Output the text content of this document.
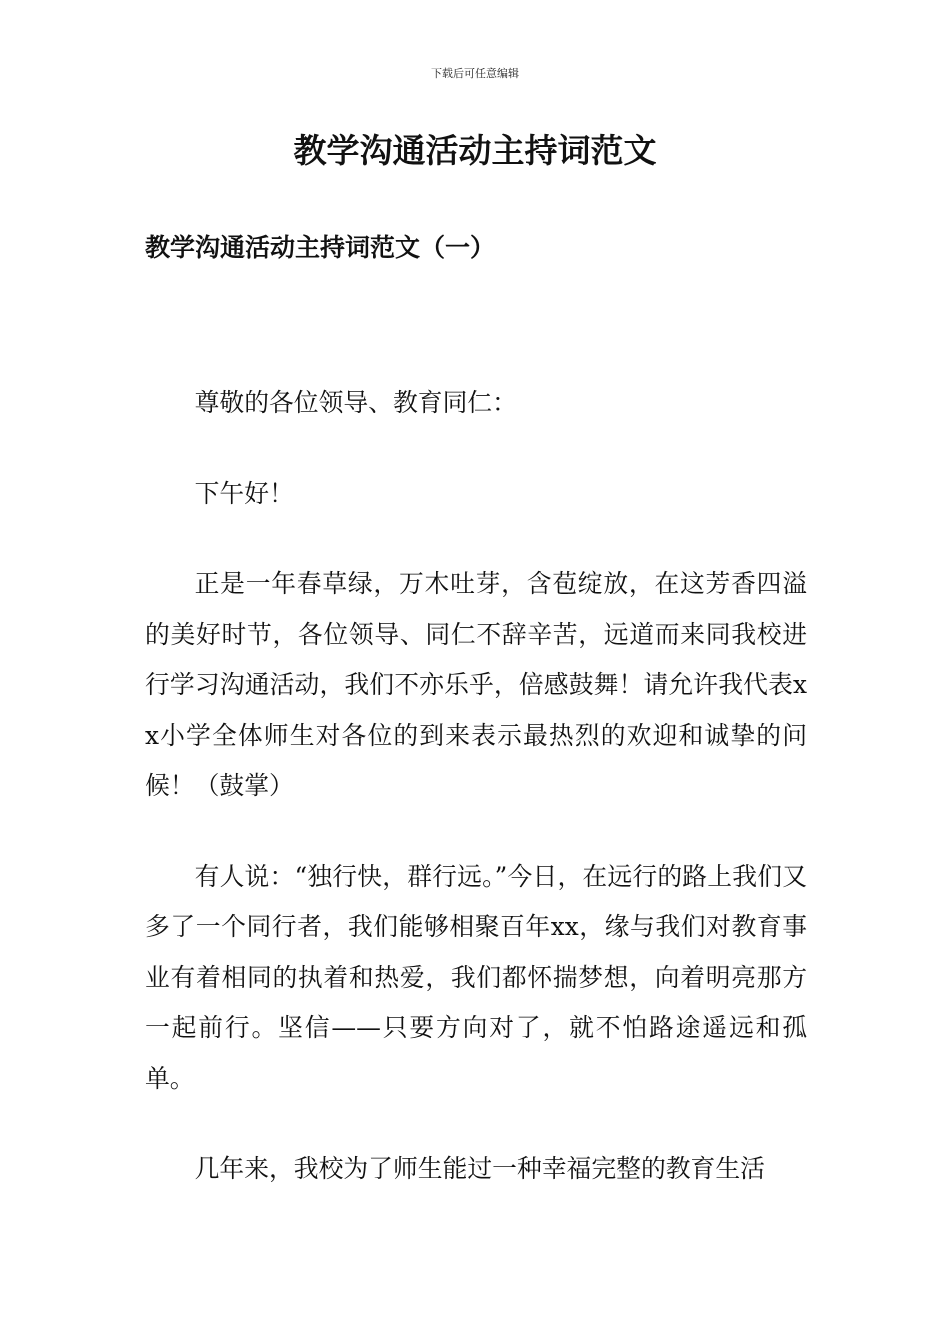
下载后可任意编辑
教学沟通活动主持词范文
教学沟通活动主持词范文（一）

尊敬的各位领导、教育同仁：

下午好！

正是一年春草绿，万木吐芽，含苞绽放，在这芳香四溢的美好时节，各位领导、同仁不辞辛苦，远道而来同我校进行学习沟通活动，我们不亦乐乎，倍感鼓舞！请允许我代表xx小学全体师生对各位的到来表示最热烈的欢迎和诚挚的问候！（鼓掌）

有人说：“独行快，群行远。”今日，在远行的路上我们又多了一个同行者，我们能够相聚百年xx，缘与我们对教育事业有着相同的执着和热爱，我们都怀揣梦想，向着明亮那方一起前行。坚信——只要方向对了，就不怕路途遥远和孤单。

几年来，我校为了师生能过一种幸福完整的教育生活
